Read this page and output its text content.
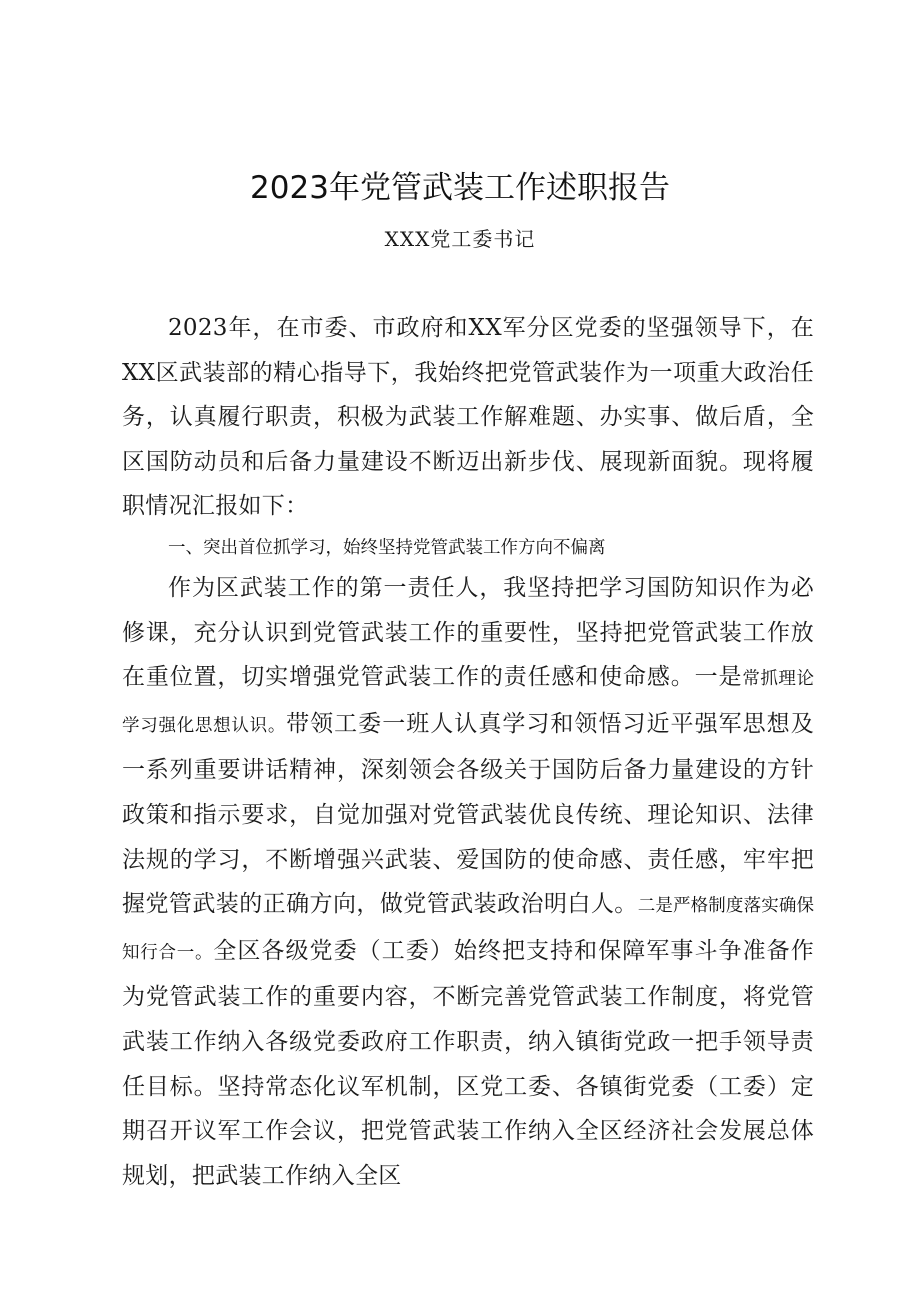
2023年党管武装工作述职报告
XXX党工委书记
2023年，在市委、市政府和XX军分区党委的坚强领导下，在XX区武装部的精心指导下，我始终把党管武装作为一项重大政治任务，认真履行职责，积极为武装工作解难题、办实事、做后盾，全区国防动员和后备力量建设不断迈出新步伐、展现新面貌。现将履职情况汇报如下：
一、突出首位抓学习，始终坚持党管武装工作方向不偏离
作为区武装工作的第一责任人，我坚持把学习国防知识作为必修课，充分认识到党管武装工作的重要性，坚持把党管武装工作放在重位置，切实增强党管武装工作的责任感和使命感。一是常抓理论学习强化思想认识。带领工委一班人认真学习和领悟习近平强军思想及一系列重要讲话精神，深刻领会各级关于国防后备力量建设的方针政策和指示要求，自觉加强对党管武装优良传统、理论知识、法律法规的学习，不断增强兴武装、爱国防的使命感、责任感，牢牢把握党管武装的正确方向，做党管武装政治明白人。二是严格制度落实确保知行合一。全区各级党委（工委）始终把支持和保障军事斗争准备作为党管武装工作的重要内容，不断完善党管武装工作制度，将党管武装工作纳入各级党委政府工作职责，纳入镇街党政一把手领导责任目标。坚持常态化议军机制，区党工委、各镇街党委（工委）定期召开议军工作会议，把党管武装工作纳入全区经济社会发展总体规划，把武装工作纳入全区
